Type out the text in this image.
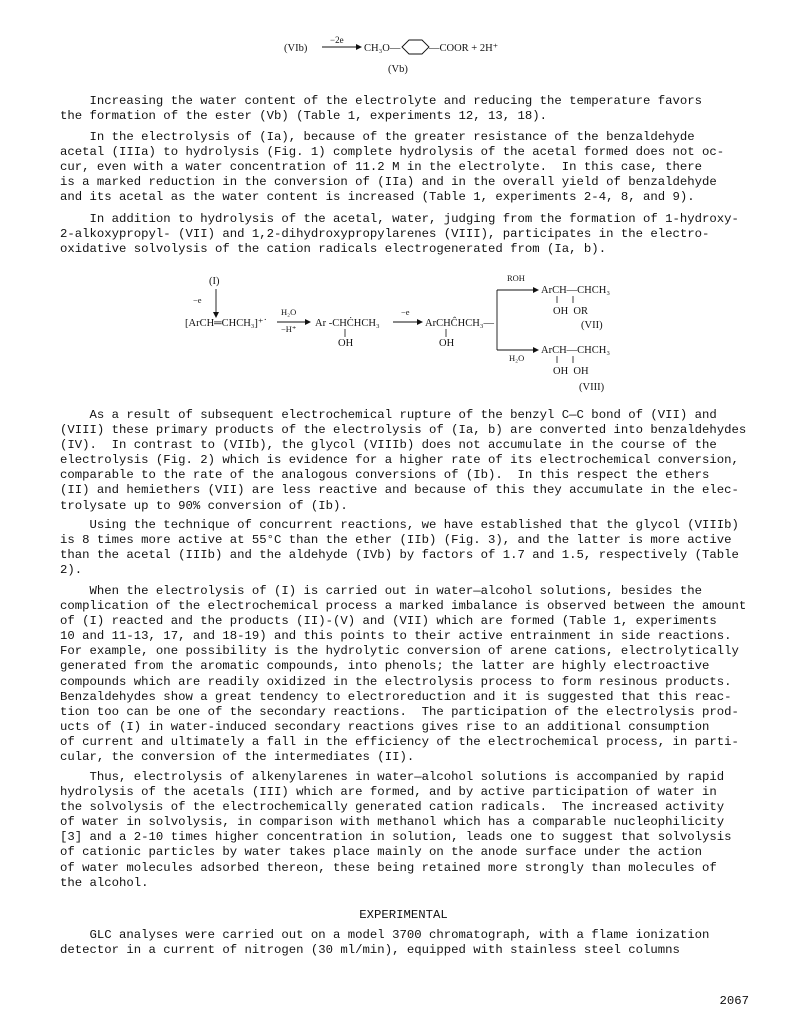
(VIb)
−2e
CH₃O—	—COOR + 2H⁺
(Vb)
Increasing the water content of the electrolyte and reducing the temperature favors
the formation of the ester (Vb) (Table 1, experiments 12, 13, 18).
In the electrolysis of (Ia), because of the greater resistance of the benzaldehyde
acetal (IIIa) to hydrolysis (Fig. 1) complete hydrolysis of the acetal formed does not oc-
cur, even with a water concentration of 11.2 M in the electrolyte.  In this case, there
is a marked reduction in the conversion of (IIa) and in the overall yield of benzaldehyde
and its acetal as the water content is increased (Table 1, experiments 2-4, 8, and 9).
In addition to hydrolysis of the acetal, water, judging from the formation of 1-hydroxy-
2-alkoxypropyl- (VII) and 1,2-dihydroxypropylarenes (VIII), participates in the electro-
oxidative solvolysis of the cation radicals electrogenerated from (Ia, b).
(I)
−e
[ArCH═CHCH₃]⁺˙
H₂O
−H⁺ Ar -CHĊHCH₃
OH
−e
ArCHĈHCH₃—
OH
ROH
ArCH—CHCH₃
OH  OR
(VII)
H₂O
ArCH—CHCH₃
OH  OH
(VIII)
As a result of subsequent electrochemical rupture of the benzyl C—C bond of (VII) and
(VIII) these primary products of the electrolysis of (Ia, b) are converted into benzaldehydes
(IV).  In contrast to (VIIb), the glycol (VIIIb) does not accumulate in the course of the
electrolysis (Fig. 2) which is evidence for a higher rate of its electrochemical conversion,
comparable to the rate of the analogous conversions of (Ib).  In this respect the ethers
(II) and hemiethers (VII) are less reactive and because of this they accumulate in the elec-
trolysate up to 90% conversion of (Ib).
Using the technique of concurrent reactions, we have established that the glycol (VIIIb)
is 8 times more active at 55°C than the ether (IIb) (Fig. 3), and the latter is more active
than the acetal (IIIb) and the aldehyde (IVb) by factors of 1.7 and 1.5, respectively (Table
2).
When the electrolysis of (I) is carried out in water—alcohol solutions, besides the
complication of the electrochemical process a marked imbalance is observed between the amount
of (I) reacted and the products (II)-(V) and (VII) which are formed (Table 1, experiments
10 and 11-13, 17, and 18-19) and this points to their active entrainment in side reactions.
For example, one possibility is the hydrolytic conversion of arene cations, electrolytically
generated from the aromatic compounds, into phenols; the latter are highly electroactive
compounds which are readily oxidized in the electrolysis process to form resinous products.
Benzaldehydes show a great tendency to electroreduction and it is suggested that this reac-
tion too can be one of the secondary reactions.  The participation of the electrolysis prod-
ucts of (I) in water-induced secondary reactions gives rise to an additional consumption
of current and ultimately a fall in the efficiency of the electrochemical process, in parti-
cular, the conversion of the intermediates (II).
Thus, electrolysis of alkenylarenes in water—alcohol solutions is accompanied by rapid
hydrolysis of the acetals (III) which are formed, and by active participation of water in
the solvolysis of the electrochemically generated cation radicals.  The increased activity
of water in solvolysis, in comparison with methanol which has a comparable nucleophilicity
[3] and a 2-10 times higher concentration in solution, leads one to suggest that solvolysis
of cationic particles by water takes place mainly on the anode surface under the action
of water molecules adsorbed thereon, these being retained more strongly than molecules of
the alcohol.
EXPERIMENTAL
GLC analyses were carried out on a model 3700 chromatograph, with a flame ionization
detector in a current of nitrogen (30 ml/min), equipped with stainless steel columns
2067
